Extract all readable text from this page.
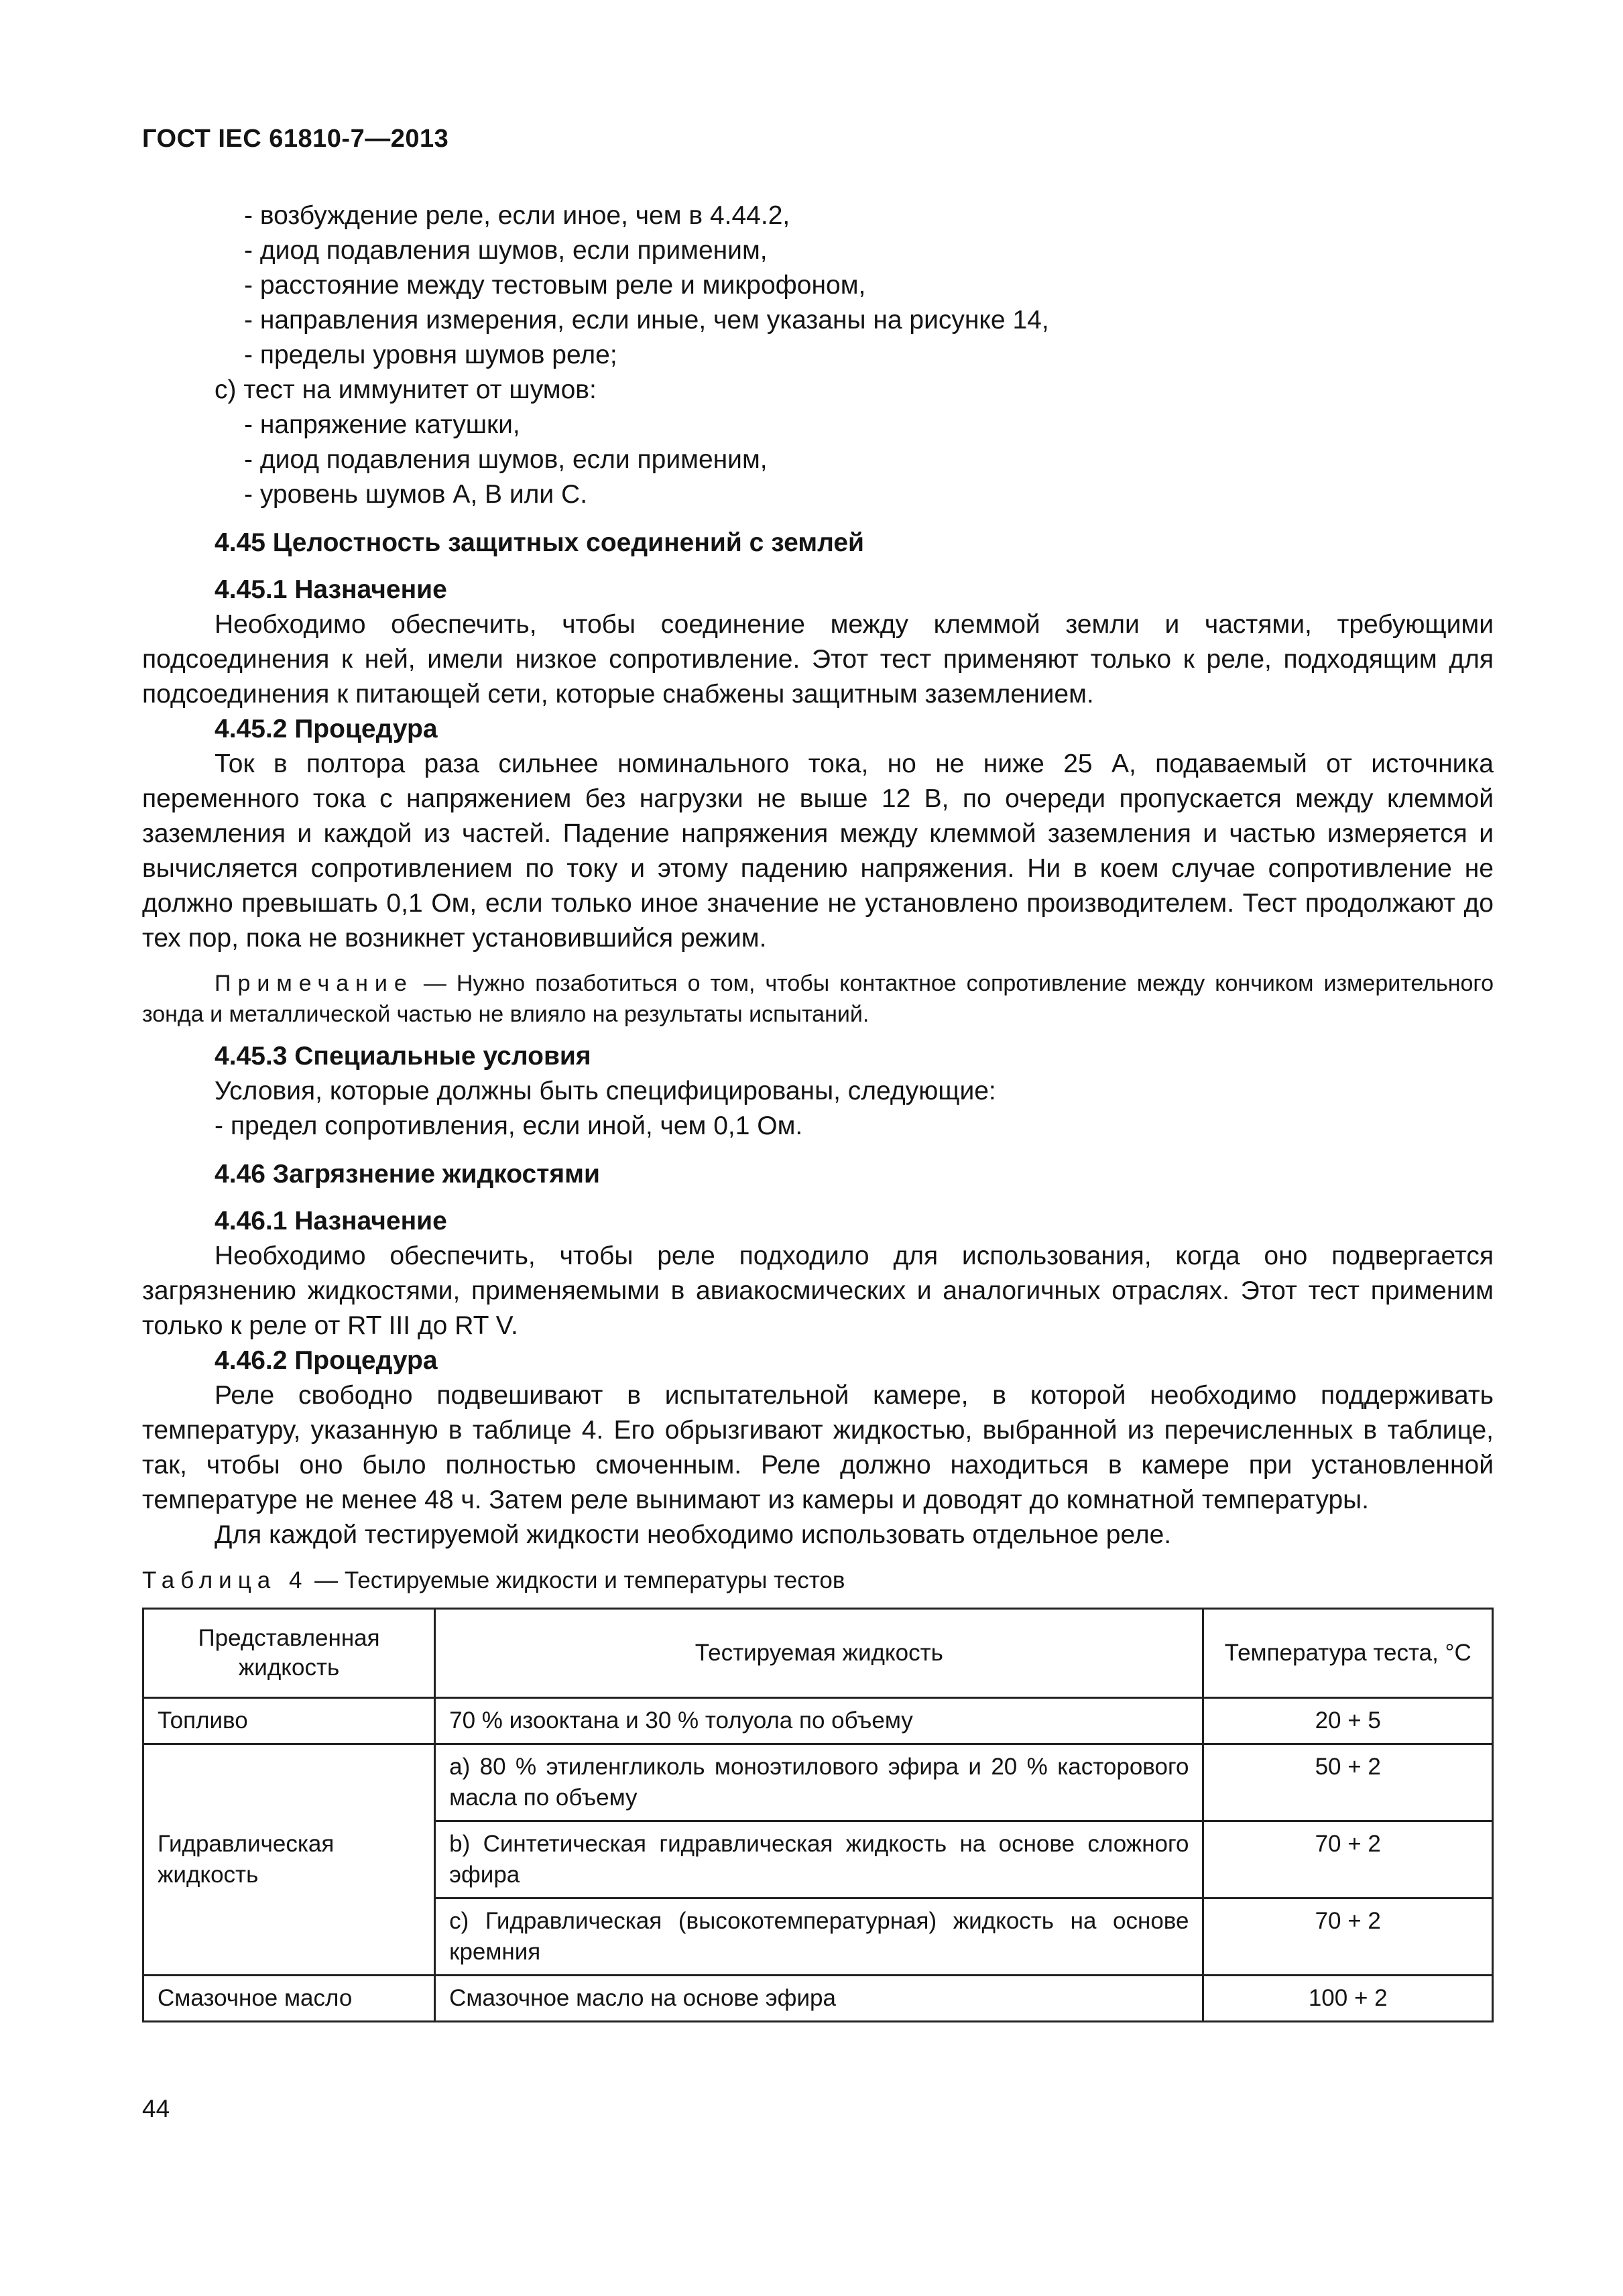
ГОСТ IEC 61810-7—2013

- возбуждение реле, если иное, чем в 4.44.2,

- диод подавления шумов, если применим,

- расстояние между тестовым реле и микрофоном,

- направления измерения, если иные, чем указаны на рисунке 14,

- пределы уровня шумов реле;

с) тест на иммунитет от шумов:

- напряжение катушки,

- диод подавления шумов, если применим,

- уровень шумов А, В или С.

4.45 Целостность защитных соединений с землей

4.45.1 Назначение

Необходимо обеспечить, чтобы соединение между клеммой земли и частями, требующими подсоединения к ней, имели низкое сопротивление. Этот тест применяют только к реле, подходящим для подсоединения к питающей сети, которые снабжены защитным заземлением.

4.45.2 Процедура

Ток в полтора раза сильнее номинального тока, но не ниже 25 А, подаваемый от источника переменного тока с напряжением без нагрузки не выше 12 В, по очереди пропускается между клеммой заземления и каждой из частей. Падение напряжения между клеммой заземления и частью измеряется и вычисляется сопротивлением по току и этому падению напряжения. Ни в коем случае сопротивление не должно превышать 0,1 Ом, если только иное значение не установлено производителем. Тест продолжают до тех пор, пока не возникнет установившийся режим.

Примечание — Нужно позаботиться о том, чтобы контактное сопротивление между кончиком измерительного зонда и металлической частью не влияло на результаты испытаний.

4.45.3 Специальные условия

Условия, которые должны быть специфицированы, следующие:

- предел сопротивления, если иной, чем 0,1 Ом.

4.46 Загрязнение жидкостями

4.46.1 Назначение

Необходимо обеспечить, чтобы реле подходило для использования, когда оно подвергается загрязнению жидкостями, применяемыми в авиакосмических и аналогичных отраслях. Этот тест применим только к реле от RT III до RT V.

4.46.2 Процедура

Реле свободно подвешивают в испытательной камере, в которой необходимо поддерживать температуру, указанную в таблице 4. Его обрызгивают жидкостью, выбранной из перечисленных в таблице, так, чтобы оно было полностью смоченным. Реле должно находиться в камере при установленной температуре не менее 48 ч. Затем реле вынимают из камеры и доводят до комнатной температуры.

Для каждой тестируемой жидкости необходимо использовать отдельное реле.

Таблица 4 — Тестируемые жидкости и температуры тестов
Представленная жидкость	Тестируемая жидкость	Температура теста, °С
Топливо	70 % изооктана и 30 % толуола по объему	20 + 5
Гидравлическая жидкость	a) 80 % этиленгликоль моноэтилового эфира и 20 % касторового масла по объему	50 + 2
	b) Синтетическая гидравлическая жидкость на основе сложного эфира	70 + 2
	c) Гидравлическая (высокотемпературная) жидкость на основе кремния	70 + 2
Смазочное масло	Смазочное масло на основе эфира	100 + 2
44
